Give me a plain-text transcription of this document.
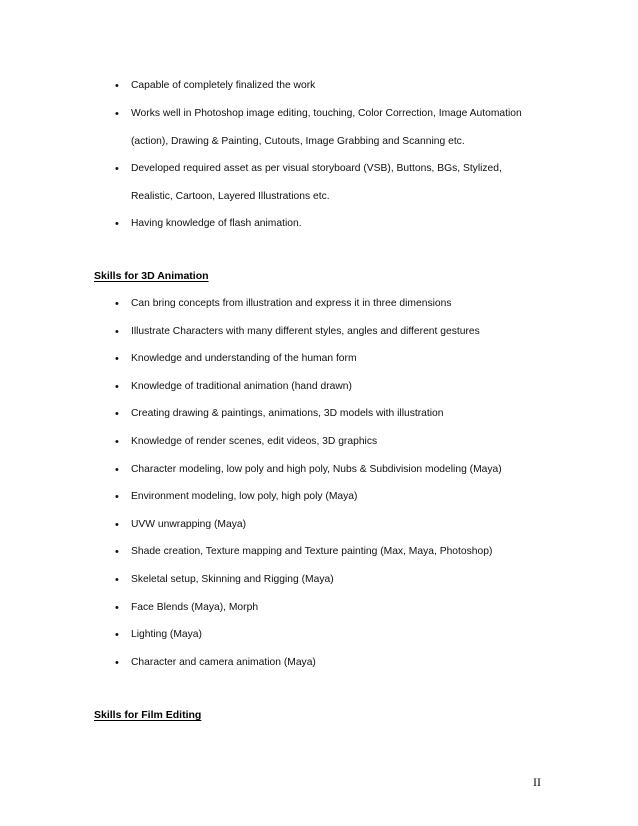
• Capable of completely finalized the work
• Works well in Photoshop image editing, touching, Color Correction, Image Automation
(action), Drawing & Painting, Cutouts, Image Grabbing and Scanning etc.
• Developed required asset as per visual storyboard (VSB), Buttons, BGs, Stylized,
Realistic, Cartoon, Layered Illustrations etc.
• Having knowledge of flash animation.
Skills for 3D Animation
• Can bring concepts from illustration and express it in three dimensions
• Illustrate Characters with many different styles, angles and different gestures
• Knowledge and understanding of the human form
• Knowledge of traditional animation (hand drawn)
• Creating drawing & paintings, animations, 3D models with illustration
• Knowledge of render scenes, edit videos, 3D graphics
• Character modeling, low poly and high poly, Nubs & Subdivision modeling (Maya)
• Environment modeling, low poly, high poly (Maya)
• UVW unwrapping (Maya)
• Shade creation, Texture mapping and Texture painting (Max, Maya, Photoshop)
• Skeletal setup, Skinning and Rigging (Maya)
• Face Blends (Maya), Morph
• Lighting (Maya)
• Character and camera animation (Maya)
Skills for Film Editing
II
